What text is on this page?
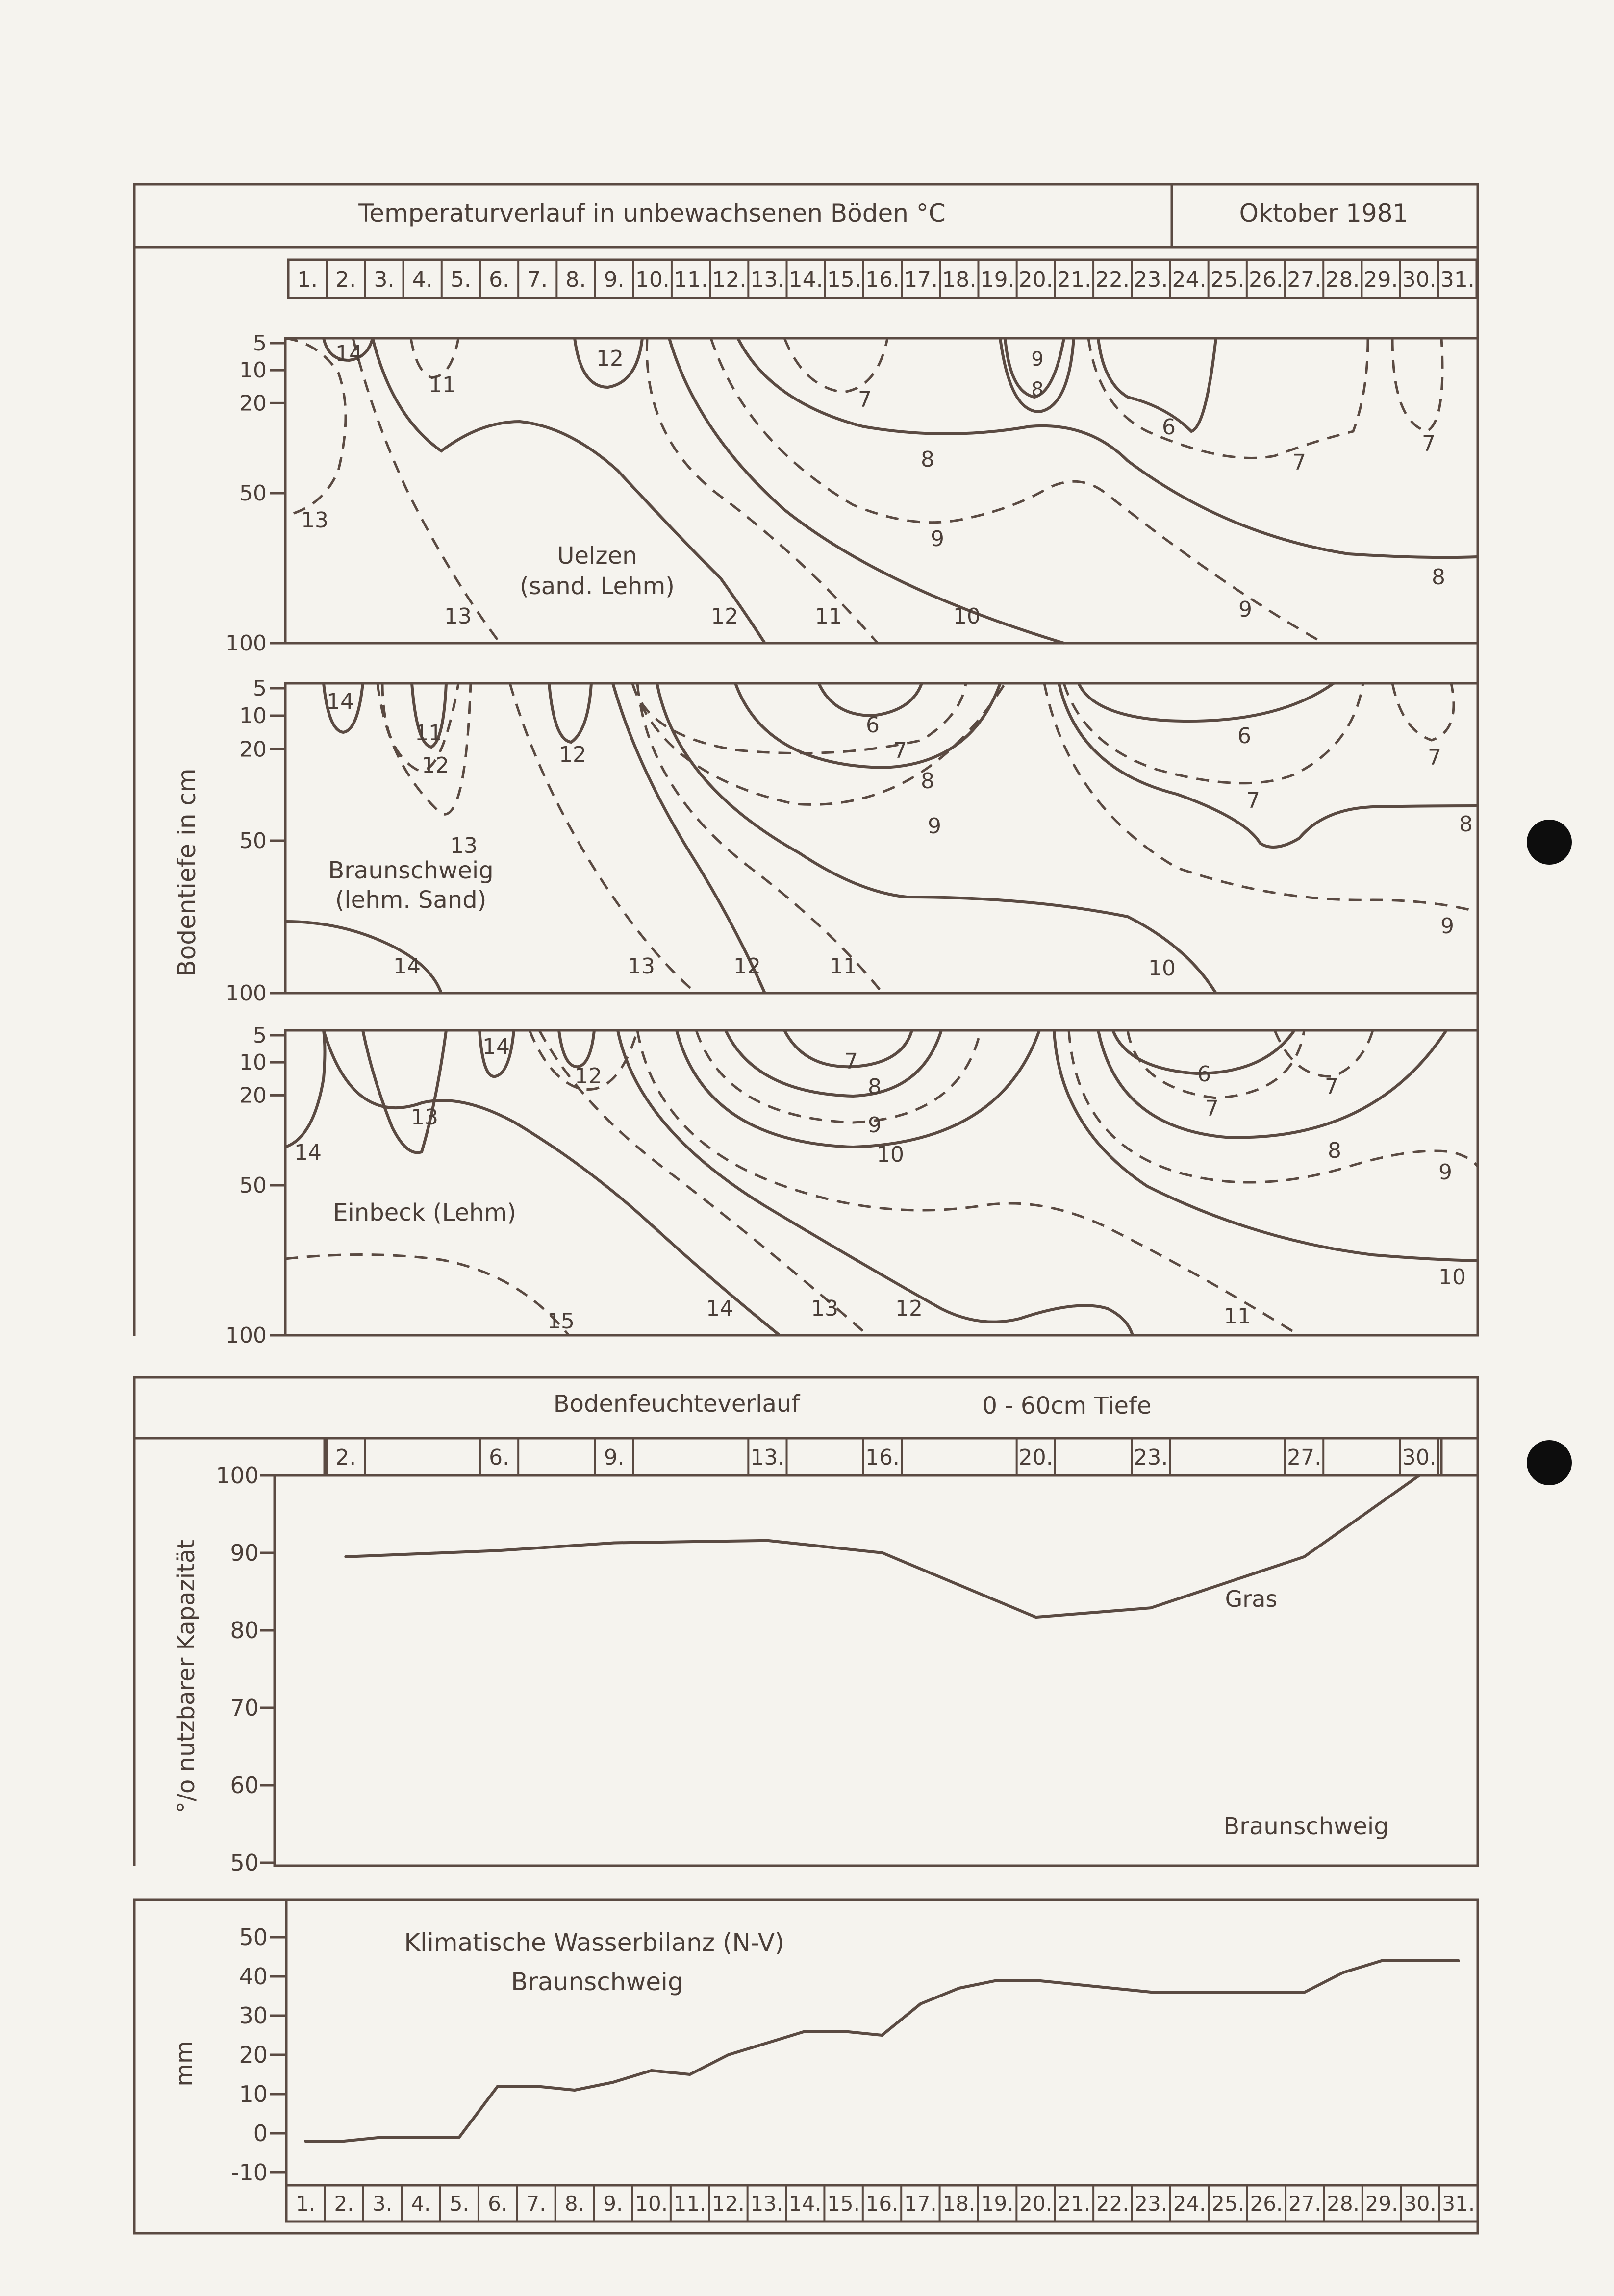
Temperaturverlauf in unbewachsenen Böden °C	Oktober 1981
1. 2. 3. 4. 5. 6. 7. 8. 9. 10. 11. 12. 13. 14. 15. 16. 17. 18. 19. 20. 21. 22. 23. 24. 25. 26. 27. 28. 29. 30. 31.
Bodentiefe in cm
5
10
20
50
100
14
11
12	9
8
7
6
7
7
13
8
9
8
9
13	12	11	10
Uelzen
(sand. Lehm)
5
10
20
50
100
14
11
12	12
6
7
8
9
6
7
7
8
13
9
14	13	12	11	10
Braunschweig
(lehm. Sand)
5
10
20
50
100
14
13
14
12
7
8
9
10
6
7
7
8
9
10
15
14	13	12	11
Einbeck (Lehm)
Bodenfeuchteverlauf	0 - 60cm Tiefe
2.	6.	9.	13.	16.	20.	23.	27.	30.
50
60
70
80
90
100
°/o nutzbarer Kapazität	Gras
Braunschweig
-10
0
10
20
30
40
50
1. 2. 3. 4. 5. 6. 7. 8. 9. 10. 11. 12. 13. 14. 15. 16. 17. 18. 19. 20. 21. 22. 23. 24. 25. 26. 27. 28. 29. 30. 31.
mm
Klimatische Wasserbilanz (N-V)
Braunschweig
